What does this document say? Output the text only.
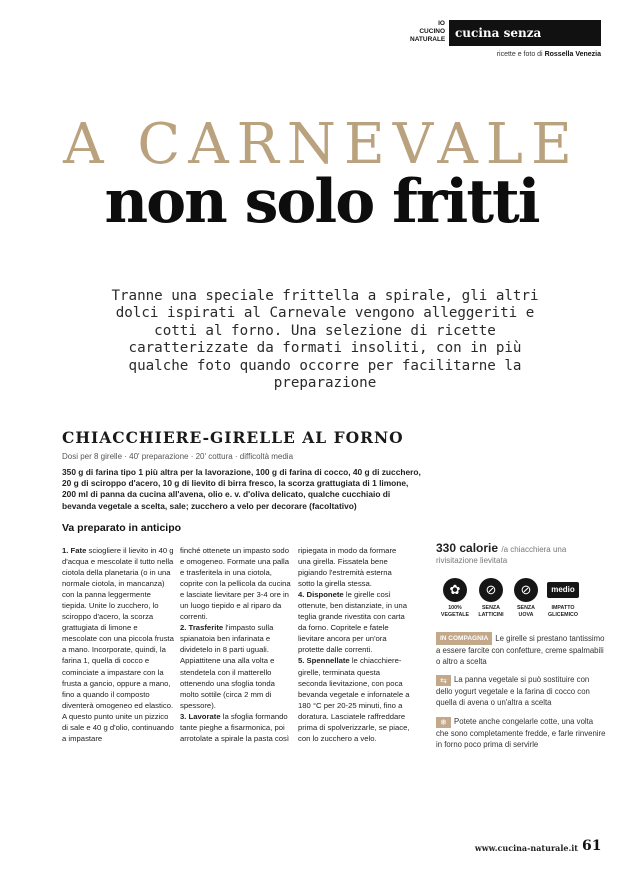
IO
CUCINO
NATURALE cucina senza
ricette e foto di Rossella Venezia
A CARNEVALE
non solo fritti
Tranne una speciale frittella a spirale, gli altri dolci ispirati al Carnevale vengono alleggeriti e cotti al forno. Una selezione di ricette caratterizzate da formati insoliti, con in più qualche foto quando occorre per facilitarne la preparazione
CHIACCHIERE-GIRELLE AL FORNO
Dosi per 8 girelle · 40' preparazione · 20' cottura · difficoltà media
350 g di farina tipo 1 più altra per la lavorazione, 100 g di farina di cocco, 40 g di zucchero, 20 g di sciroppo d'acero, 10 g di lievito di birra fresco, la scorza grattugiata di 1 limone, 200 ml di panna da cucina all'avena, olio e. v. d'oliva delicato, qualche cucchiaio di bevanda vegetale a scelta, sale; zucchero a velo per decorare (facoltativo)
Va preparato in anticipo

1. Fate sciogliere il lievito in 40 g d'acqua e mescolate il tutto nella ciotola della planetaria (o in una normale ciotola, in mancanza) con la panna leggermente tiepida. Unite lo zucchero, lo sciroppo d'acero, la scorza grattugiata di limone e mescolate con una piccola frusta a mano. Incorporate, quindi, la farina 1, quella di cocco e cominciate a impastare con la frusta a gancio, oppure a mano, fino a quando il composto diventerà omogeneo ed elastico. A questo punto unite un pizzico di sale e 40 g d'olio, continuando a impastare

finché ottenete un impasto sodo e omogeneo. Formate una palla e trasferitela in una ciotola, coprite con la pellicola da cucina e lasciate lievitare per 3-4 ore in un luogo tiepido e al riparo da correnti.

2. Trasferite l'impasto sulla spianatoia ben infarinata e dividetelo in 8 parti uguali. Appiattitene una alla volta e stendetela con il matterello ottenendo una sfoglia tonda molto sottile (circa 2 mm di spessore).

3. Lavorate la sfoglia formando tante pieghe a fisarmonica, poi arrotolate a spirale la pasta così

ripiegata in modo da formare una girella. Fissatela bene pigiando l'estremità esterna sotto la girella stessa.

4. Disponete le girelle così ottenute, ben distanziate, in una teglia grande rivestita con carta da forno. Copritele e fatele lievitare ancora per un'ora protette dalle correnti.

5. Spennellate le chiacchiere-girelle, terminata questa seconda lievitazione, con poca bevanda vegetale e infornatele a 180 °C per 20-25 minuti, fino a doratura. Lasciatele raffreddare prima di spolverizzarle, se piace, con lo zucchero a velo.

330 calorie /a chiacchiera una
rivisitazione lievitata
✿
100%
VEGETALE
⊘
SENZA
LATTICINI
⊘
SENZA
UOVA
medio
IMPATTO
GLICEMICO
IN COMPAGNIA Le girelle si prestano tantissimo a essere farcite con confetture, creme spalmabili o altro a scelta
⇆ La panna vegetale si può sostituire con dello yogurt vegetale e la farina di cocco con quella di avena o un'altra a scelta
❄ Potete anche congelarle cotte, una volta che sono completamente fredde, e farle rinvenire in forno poco prima di servirle
www.cucina-naturale.it 61
